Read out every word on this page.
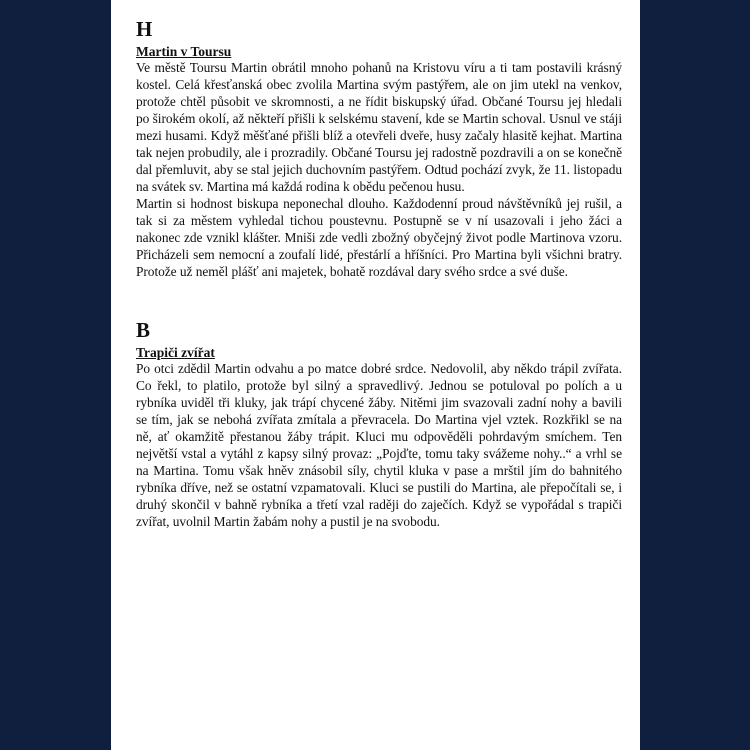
H
Martin v Toursu

Ve městě Toursu Martin obrátil mnoho pohanů na Kristovu víru a ti tam postavili krásný kostel. Celá křesťanská obec zvolila Martina svým pastýřem, ale on jim utekl na venkov, protože chtěl působit ve skromnosti, a ne řídit biskupský úřad. Občané Toursu jej hledali po širokém okolí, až někteří přišli k selskému stavení, kde se Martin schoval. Usnul ve stáji mezi husami. Když měšťané přišli blíž a otevřeli dveře, husy začaly hlasitě kejhat. Martina tak nejen probudily, ale i prozradily. Občané Toursu jej radostně pozdravili a on se konečně dal přemluvit, aby se stal jejich duchovním pastýřem. Odtud pochází zvyk, že 11. listopadu na svátek sv. Martina má každá rodina k obědu pečenou husu.

Martin si hodnost biskupa neponechal dlouho. Každodenní proud návštěvníků jej rušil, a tak si za městem vyhledal tichou poustevnu. Postupně se v ní usazovali i jeho žáci a nakonec zde vznikl klášter. Mniši zde vedli zbožný obyčejný život podle Martinova vzoru. Přicházeli sem nemocní a zoufalí lidé, přestárlí a hříšníci. Pro Martina byli všichni bratry. Protože už neměl plášť ani majetek, bohatě rozdával dary svého srdce a své duše.

B
Trapiči zvířat

Po otci zdědil Martin odvahu a po matce dobré srdce. Nedovolil, aby někdo trápil zvířata. Co řekl, to platilo, protože byl silný a spravedlivý. Jednou se potuloval po polích a u rybníka uviděl tři kluky, jak trápí chycené žáby. Nitěmi jim svazovali zadní nohy a bavili se tím, jak se nebohá zvířata zmítala a převracela. Do Martina vjel vztek. Rozkřikl se na ně, ať okamžitě přestanou žáby trápit. Kluci mu odpověděli pohrdavým smíchem. Ten největší vstal a vytáhl z kapsy silný provaz: „Pojďte, tomu taky svážeme nohy..“ a vrhl se na Martina. Tomu však hněv znásobil síly, chytil kluka v pase a mrštil jím do bahnitého rybníka dříve, než se ostatní vzpamatovali. Kluci se pustili do Martina, ale přepočítali se, i druhý skončil v bahně rybníka a třetí vzal raději do zaječích. Když se vypořádal s trapiči zvířat, uvolnil Martin žabám nohy a pustil je na svobodu.
